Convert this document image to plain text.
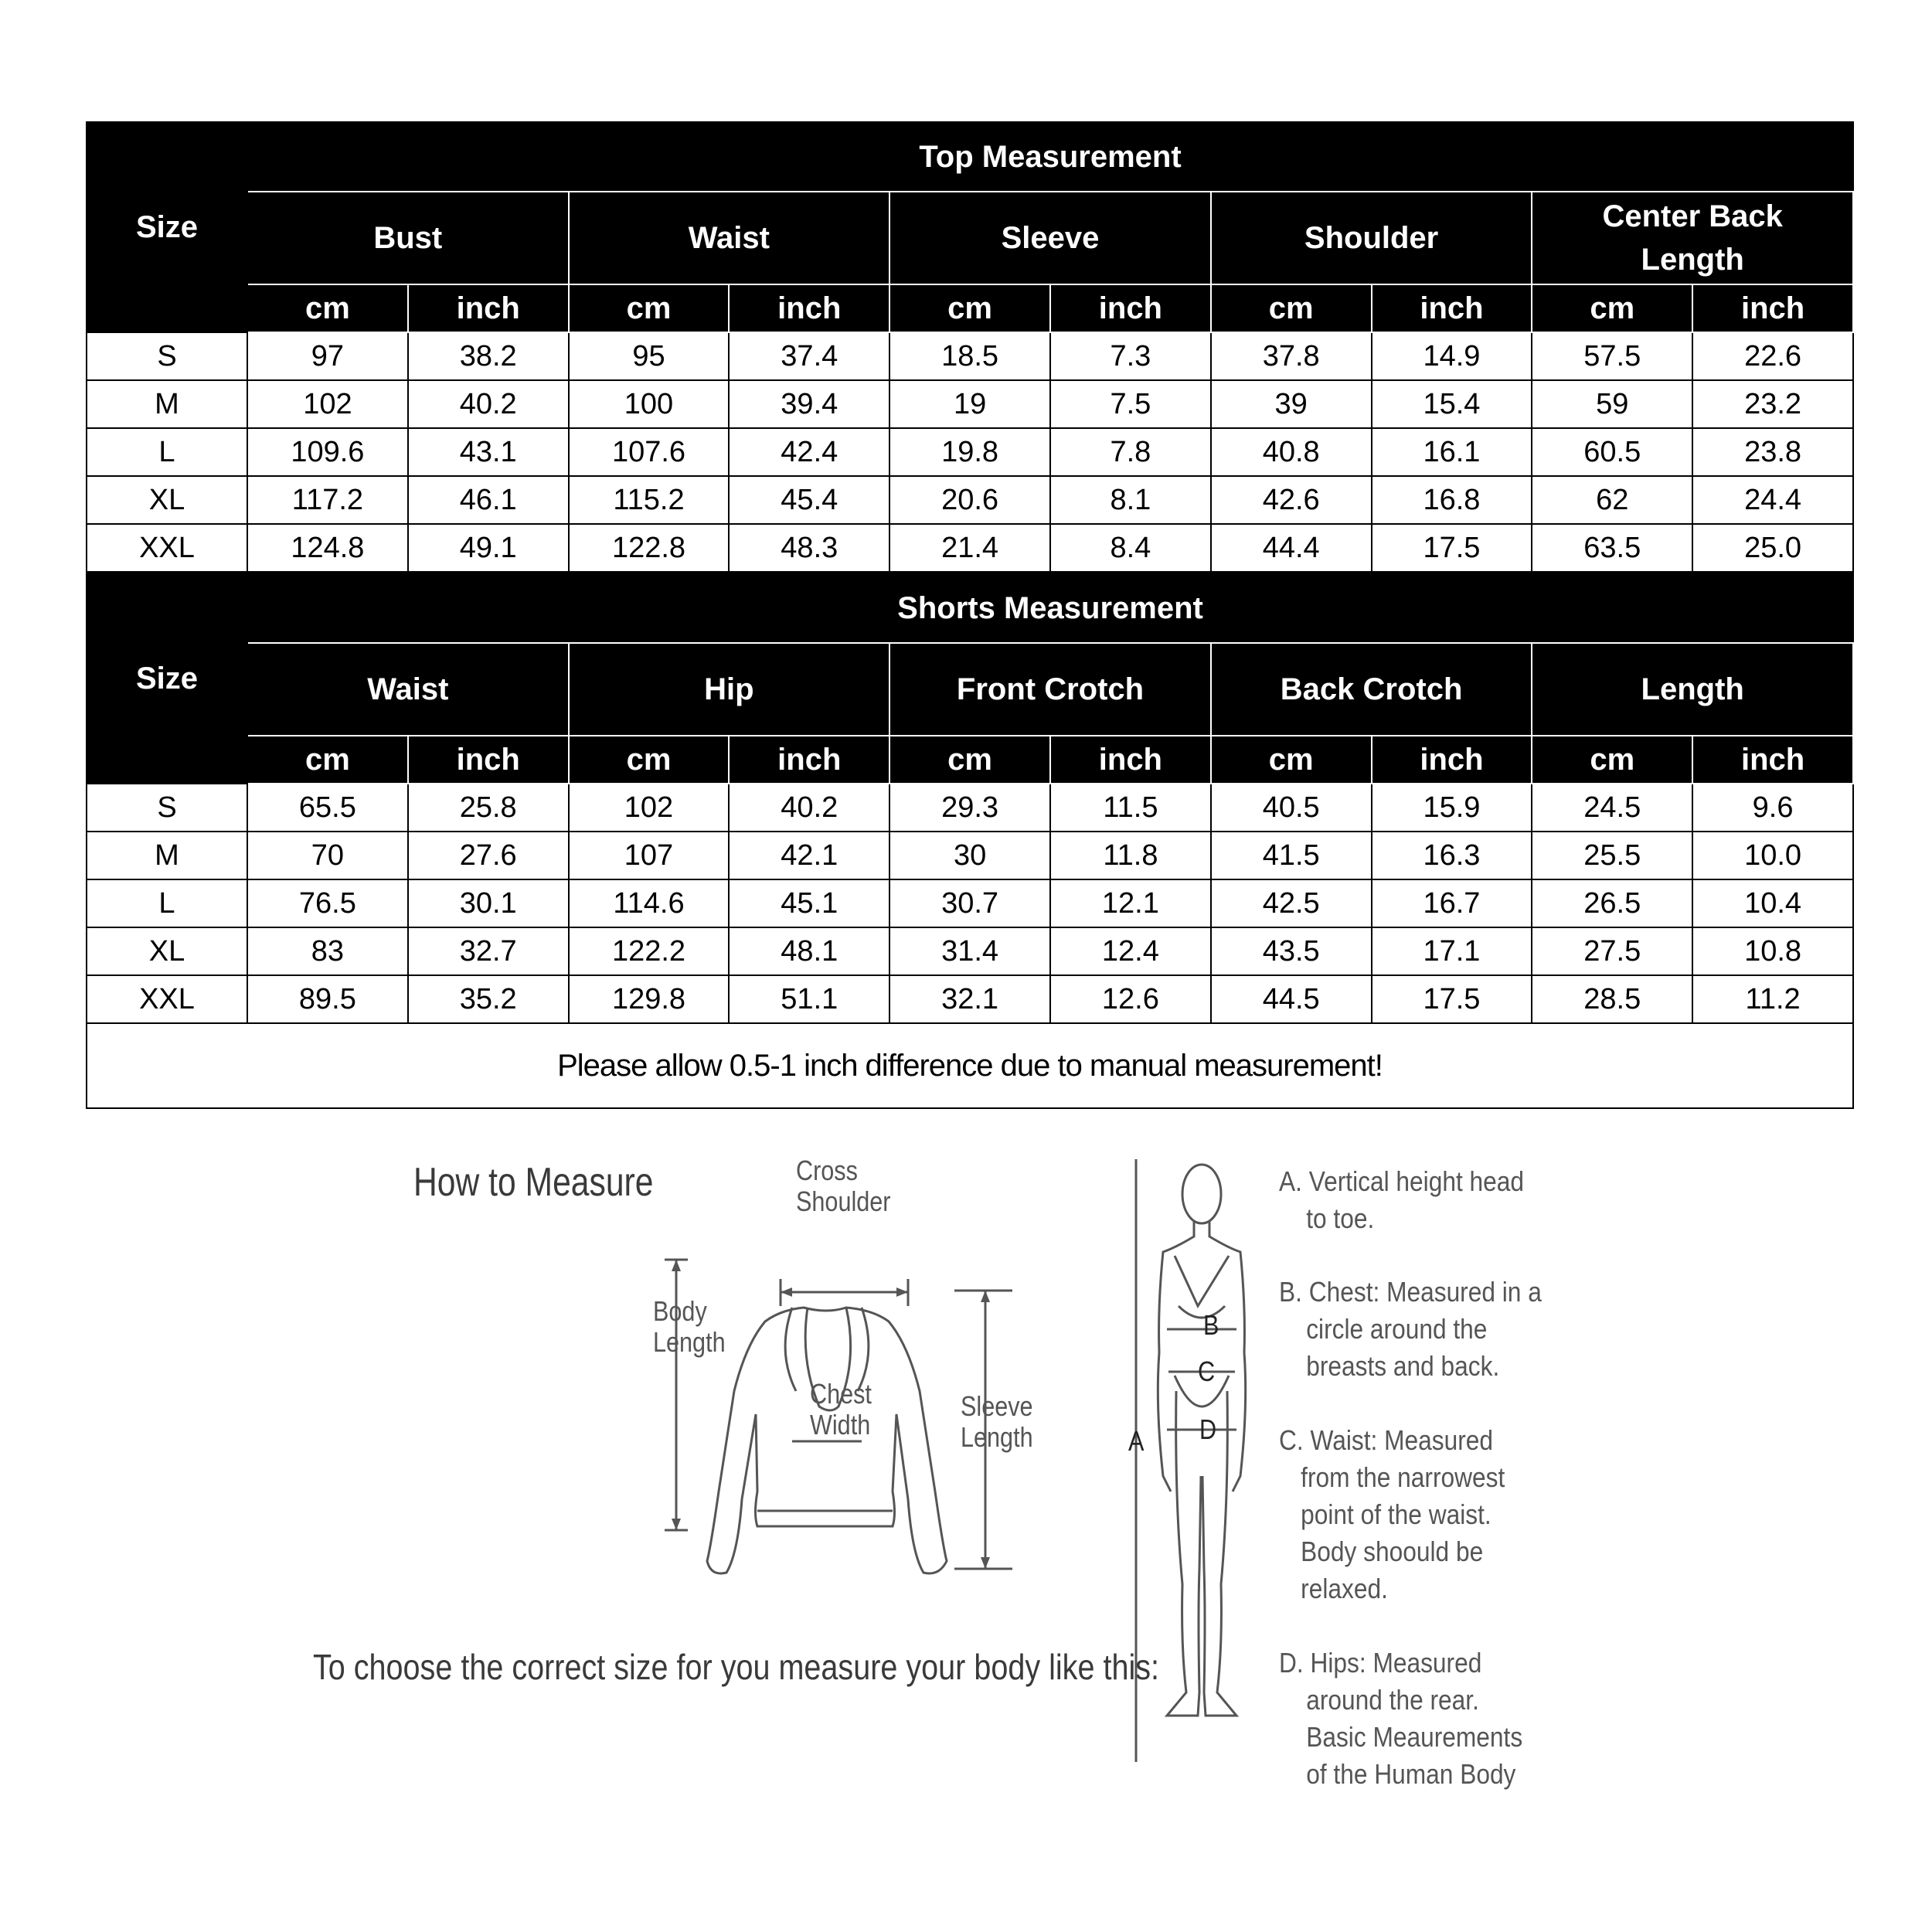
Size	Top Measurement									
	Bust		Waist		Sleeve		Shoulder		Center Back Length	
	cm	inch	cm	inch	cm	inch	cm	inch	cm	inch
S	97	38.2	95	37.4	18.5	7.3	37.8	14.9	57.5	22.6
M	102	40.2	100	39.4	19	7.5	39	15.4	59	23.2
L	109.6	43.1	107.6	42.4	19.8	7.8	40.8	16.1	60.5	23.8
XL	117.2	46.1	115.2	45.4	20.6	8.1	42.6	16.8	62	24.4
XXL	124.8	49.1	122.8	48.3	21.4	8.4	44.4	17.5	63.5	25.0
Size	Shorts Measurement									
	Waist		Hip		Front Crotch		Back Crotch		Length	
	cm	inch	cm	inch	cm	inch	cm	inch	cm	inch
S	65.5	25.8	102	40.2	29.3	11.5	40.5	15.9	24.5	9.6
M	70	27.6	107	42.1	30	11.8	41.5	16.3	25.5	10.0
L	76.5	30.1	114.6	45.1	30.7	12.1	42.5	16.7	26.5	10.4
XL	83	32.7	122.2	48.1	31.4	12.4	43.5	17.1	27.5	10.8
XXL	89.5	35.2	129.8	51.1	32.1	12.6	44.5	17.5	28.5	11.2
Please allow 0.5-1 inch difference due to manual measurement!
How to Measure	Cross
Shoulder
Body
Length
Chest
Width
Sleeve
Length
To choose the correct size for you measure your body like this:
B
C
D
A
A. Vertical height head
to toe.
B. Chest: Measured in a
circle around the
breasts and back.
C. Waist: Measured
from the narrowest
point of the waist.
Body shoould be
relaxed.
D. Hips: Measured
around the rear.
Basic Meaurements
of the Human Body
